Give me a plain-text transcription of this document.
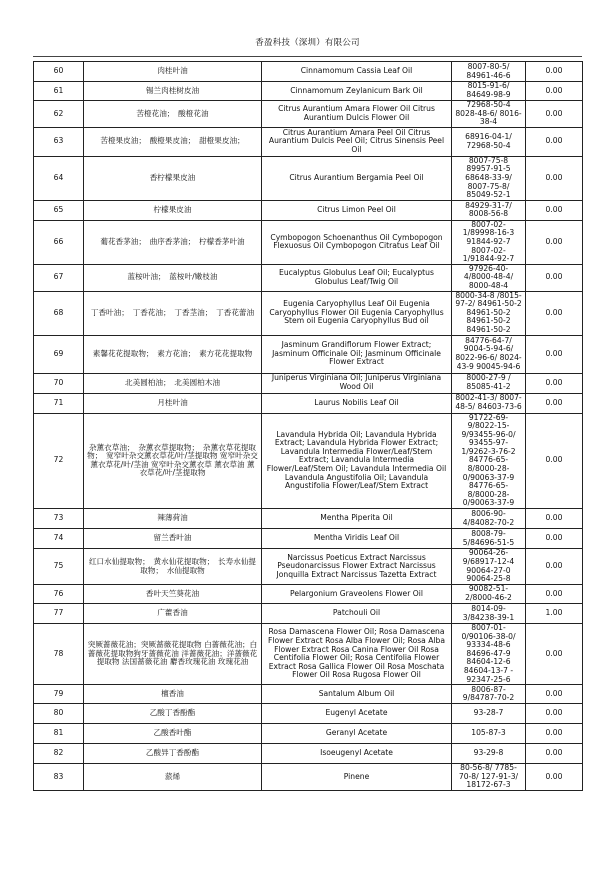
香盈科技（深圳）有限公司
60	肉桂叶油	Cinnamomum Cassia Leaf Oil	8007-80-5/ 84961-46-6	0.00
61	锡兰肉桂树皮油	Cinnamomum Zeylanicum Bark Oil	8015-91-6/ 84649-98-9	0.00
62	苦橙花油；　酸橙花油	Citrus Aurantium Amara Flower Oil Citrus Aurantium Dulcis Flower Oil	72968-50-4 8028-48-6/ 8016-38-4	0.00
63	苦橙果皮油；　酸橙果皮油；　甜橙果皮油；	Citrus Aurantium Amara Peel Oil Citrus Aurantium Dulcis Peel Oil; Citrus Sinensis Peel Oil	68916-04-1/ 72968-50-4	0.00
64	香柠檬果皮油	Citrus Aurantium Bergamia Peel Oil	8007-75-8 89957-91-5 68648-33-9/ 8007-75-8/ 85049-52-1	0.00
65	柠檬果皮油	Citrus Limon Peel Oil	84929-31-7/ 8008-56-8	0.00
66	葡花香茅油；　曲序香茅油；　柠檬香茅叶油	Cymbopogon Schoenanthus Oil Cymbopogon Flexuosus Oil Cymbopogon Citratus Leaf Oil	8007-02-1/89998-16-3 91844-92-7 8007-02-1/91844-92-7	0.00
67	蓝桉叶油；　蓝桉叶/嫩枝油	Eucalyptus Globulus Leaf Oil; Eucalyptus Globulus Leaf/Twig Oil	97926-40-4/8000-48-4/ 8000-48-4	0.00
68	丁香叶油；　丁香花油；　丁香茎油；　丁香花蕾油	Eugenia Caryophyllus Leaf Oil Eugenia Caryophyllus Flower Oil Eugenia Caryophyllus Stem oil Eugenia Caryophyllus Bud oil	8000-34-8 /8015-97-2/ 84961-50-2 84961-50-2 84961-50-2 84961-50-2	0.00
69	素馨花花提取物；　素方花油；　素方花花提取物	Jasminum Grandiflorum Flower Extract; Jasminum Officinale Oil; Jasminum Officinale Flower Extract	84776-64-7/ 9004-5-94-6/ 8022-96-6/ 8024-43-9 90045-94-6	0.00
70	北美圆柏油；　北美圆柏木油	Juniperus Virginiana Oil; Juniperus Virginiana Wood Oil	8000-27-9 / 85085-41-2	0.00
71	月桂叶油	Laurus Nobilis Leaf Oil	8002-41-3/ 8007-48-5/ 84603-73-6	0.00
72	杂薰衣草油；　杂薰衣草提取物；　杂薰衣草花提取物；　宽窄叶杂交薰衣草花/叶/茎提取物 宽窄叶杂交薰衣草花/叶/茎油 宽窄叶杂交薰衣草 薰衣草油 薰衣草花/叶/茎提取物	Lavandula Hybrida Oil; Lavandula Hybrida Extract; Lavandula Hybrida Flower Extract; Lavandula Intermedia Flower/Leaf/Stem Extract; Lavandula Intermedia Flower/Leaf/Stem Oil; Lavandula Intermedia Oil Lavandula Angustifolia Oil; Lavandula Angustifolia Flower/Leaf/Stem Extract	91722-69-9/8022-15-9/93455-96-0/ 93455-97-1/9262-3-76-2 84776-65-8/8000-28-0/90063-37-9 84776-65-8/8000-28-0/90063-37-9	0.00
73	辣薄荷油	Mentha Piperita Oil	8006-90-4/84082-70-2	0.00
74	留兰香叶油	Mentha Viridis Leaf Oil	8008-79-5/84696-51-5	0.00
75	红口水仙提取物；　黄水仙花提取物；　长寿水仙提取物；　水仙提取物	Narcissus Poeticus Extract Narcissus Pseudonarcissus Flower Extract Narcissus Jonquilla Extract Narcissus Tazetta Extract	90064-26-9/68917-12-4 90064-27-0 90064-25-8	0.00
76	香叶天竺葵花油	Pelargonium Graveolens Flower Oil	90082-51-2/8000-46-2	0.00
77	广藿香油	Patchouli Oil	8014-09-3/84238-39-1	1.00
78	突厥蔷薇花油；突厥蔷薇花提取物 白蔷薇花油；白蔷薇花提取物狗牙蔷薇花油 洋蔷薇花油；洋蔷薇花提取物 法国蔷薇花油 麝香玫瑰花油 玫瑰花油	Rosa Damascena Flower Oil; Rosa Damascena Flower Extract Rosa Alba Flower Oil; Rosa Alba Flower Extract Rosa Canina Flower Oil Rosa Centifolia Flower Oil; Rosa Centifolia Flower Extract Rosa Gallica Flower Oil Rosa Moschata Flower Oil Rosa Rugosa Flower Oil	8007-01-0/90106-38-0/ 93334-48-6 84696-47-9 84604-12-6 84604-13-7 - 92347-25-6	0.00
79	檀香油	Santalum Album Oil	8006-87-9/84787-70-2	0.00
80	乙酸丁香酚酯	Eugenyl Acetate	93-28-7	0.00
81	乙酸香叶酯	Geranyl Acetate	105-87-3	0.00
82	乙酸异丁香酚酯	Isoeugenyl Acetate	93-29-8	0.00
83	蒎烯	Pinene	80-56-8/ 7785-70-8/ 127-91-3/ 18172-67-3	0.00
